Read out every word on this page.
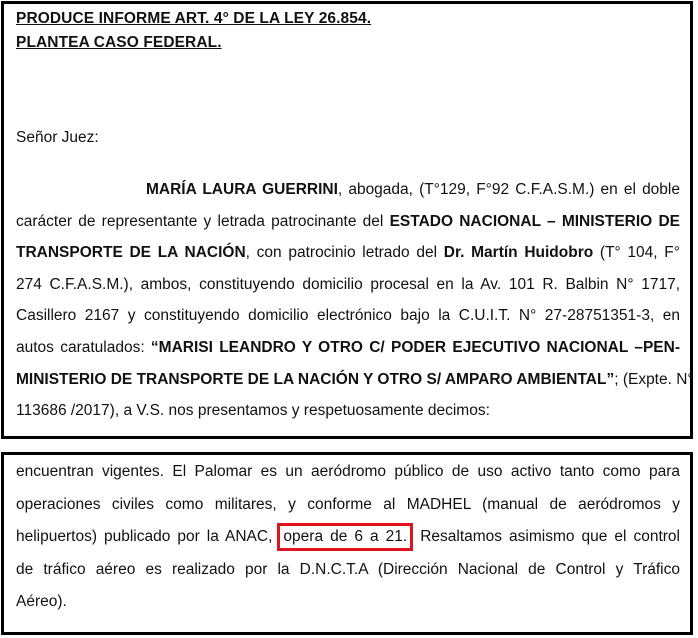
PRODUCE INFORME ART. 4° DE LA LEY 26.854.
PLANTEA CASO FEDERAL.
Señor Juez:
MARÍA LAURA GUERRINI, abogada, (T°129, F°92 C.F.A.S.M.) en el doble
carácter de representante y letrada patrocinante del ESTADO NACIONAL – MINISTERIO DE
TRANSPORTE DE LA NACIÓN, con patrocinio letrado del Dr. Martín Huidobro (T° 104, F°
274 C.F.A.S.M.), ambos, constituyendo domicilio procesal en la Av. 101 R. Balbin N° 1717,
Casillero 2167 y constituyendo domicilio electrónico bajo la C.U.I.T. N° 27-28751351-3, en
autos caratulados: “MARISI LEANDRO Y OTRO C/ PODER EJECUTIVO NACIONAL –PEN-
MINISTERIO DE TRANSPORTE DE LA NACIÓN Y OTRO S/ AMPARO AMBIENTAL”; (Expte. N°
113686 /2017), a V.S. nos presentamos y respetuosamente decimos:
encuentran vigentes. El Palomar es un aeródromo público de uso activo tanto como para
operaciones civiles como militares, y conforme al MADHEL (manual de aeródromos y
helipuertos) publicado por la ANAC, opera de 6 a 21. Resaltamos asimismo que el control
de tráfico aéreo es realizado por la D.N.C.T.A (Dirección Nacional de Control y Tráfico
Aéreo).
